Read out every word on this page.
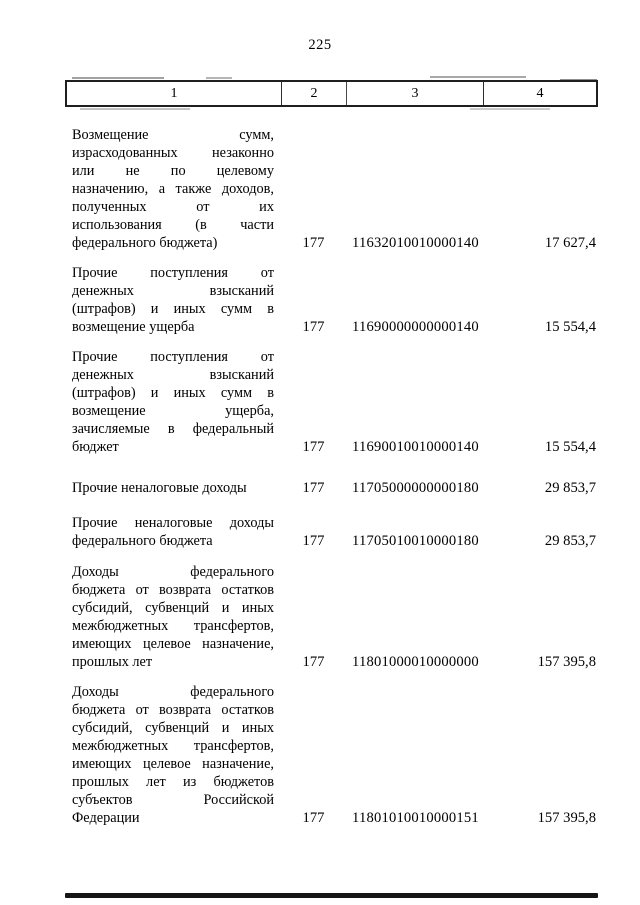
225
1	2	3	4
Возмещение сумм,
израсходованных незаконно
или не по целевому
назначению, а также доходов,
полученных от их
использования (в части
федерального бюджета)	177	11632010010000140	17 627,4
Прочие поступления от
денежных взысканий
(штрафов) и иных сумм в
возмещение ущерба	177	11690000000000140	15 554,4
Прочие поступления от
денежных взысканий
(штрафов) и иных сумм в
возмещение ущерба,
зачисляемые в федеральный
бюджет	177	11690010010000140	15 554,4
Прочие неналоговые доходы	177	11705000000000180	29 853,7
Прочие неналоговые доходы
федерального бюджета	177	11705010010000180	29 853,7
Доходы федерального
бюджета от возврата остатков
субсидий, субвенций и иных
межбюджетных трансфертов,
имеющих целевое назначение,
прошлых лет	177	11801000010000000	157 395,8
Доходы федерального
бюджета от возврата остатков
субсидий, субвенций и иных
межбюджетных трансфертов,
имеющих целевое назначение,
прошлых лет из бюджетов
субъектов Российской
Федерации	177	11801010010000151	157 395,8
